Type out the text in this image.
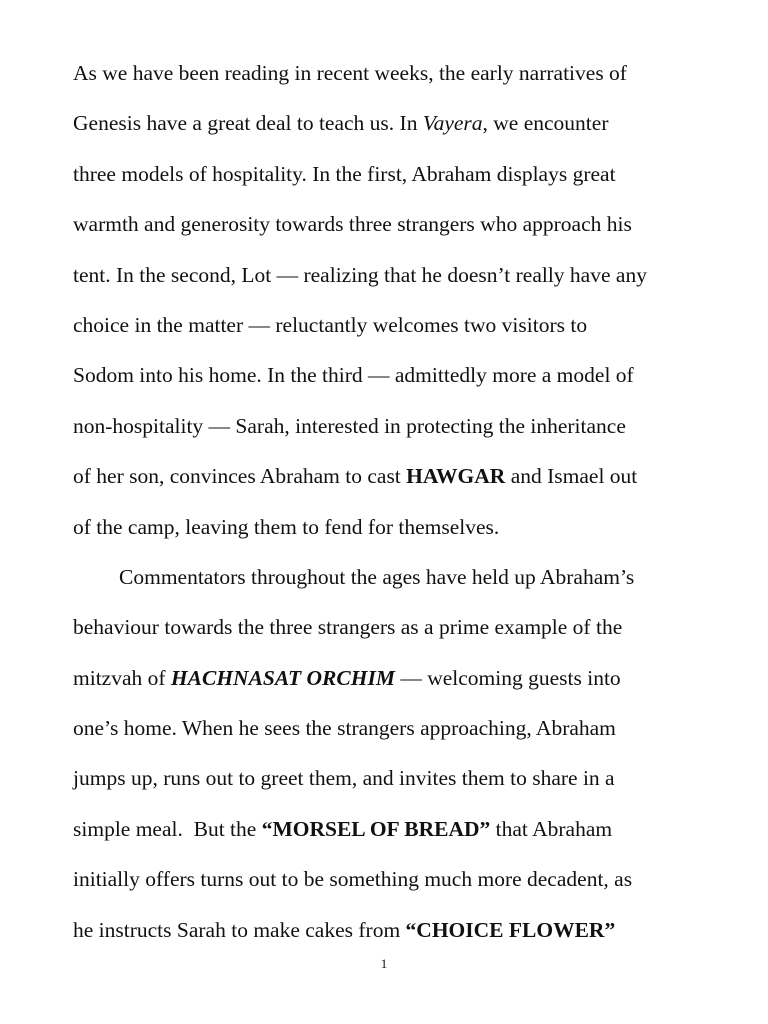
As we have been reading in recent weeks, the early narratives of
Genesis have a great deal to teach us. In Vayera, we encounter
three models of hospitality. In the first, Abraham displays great
warmth and generosity towards three strangers who approach his
tent. In the second, Lot — realizing that he doesn’t really have any
choice in the matter — reluctantly welcomes two visitors to
Sodom into his home. In the third — admittedly more a model of
non-hospitality — Sarah, interested in protecting the inheritance
of her son, convinces Abraham to cast HAWGAR and Ismael out
of the camp, leaving them to fend for themselves.
Commentators throughout the ages have held up Abraham’s
behaviour towards the three strangers as a prime example of the
mitzvah of HACHNASAT ORCHIM — welcoming guests into
one’s home. When he sees the strangers approaching, Abraham
jumps up, runs out to greet them, and invites them to share in a
simple meal.  But the “MORSEL OF BREAD” that Abraham
initially offers turns out to be something much more decadent, as
he instructs Sarah to make cakes from “CHOICE FLOWER”
1
